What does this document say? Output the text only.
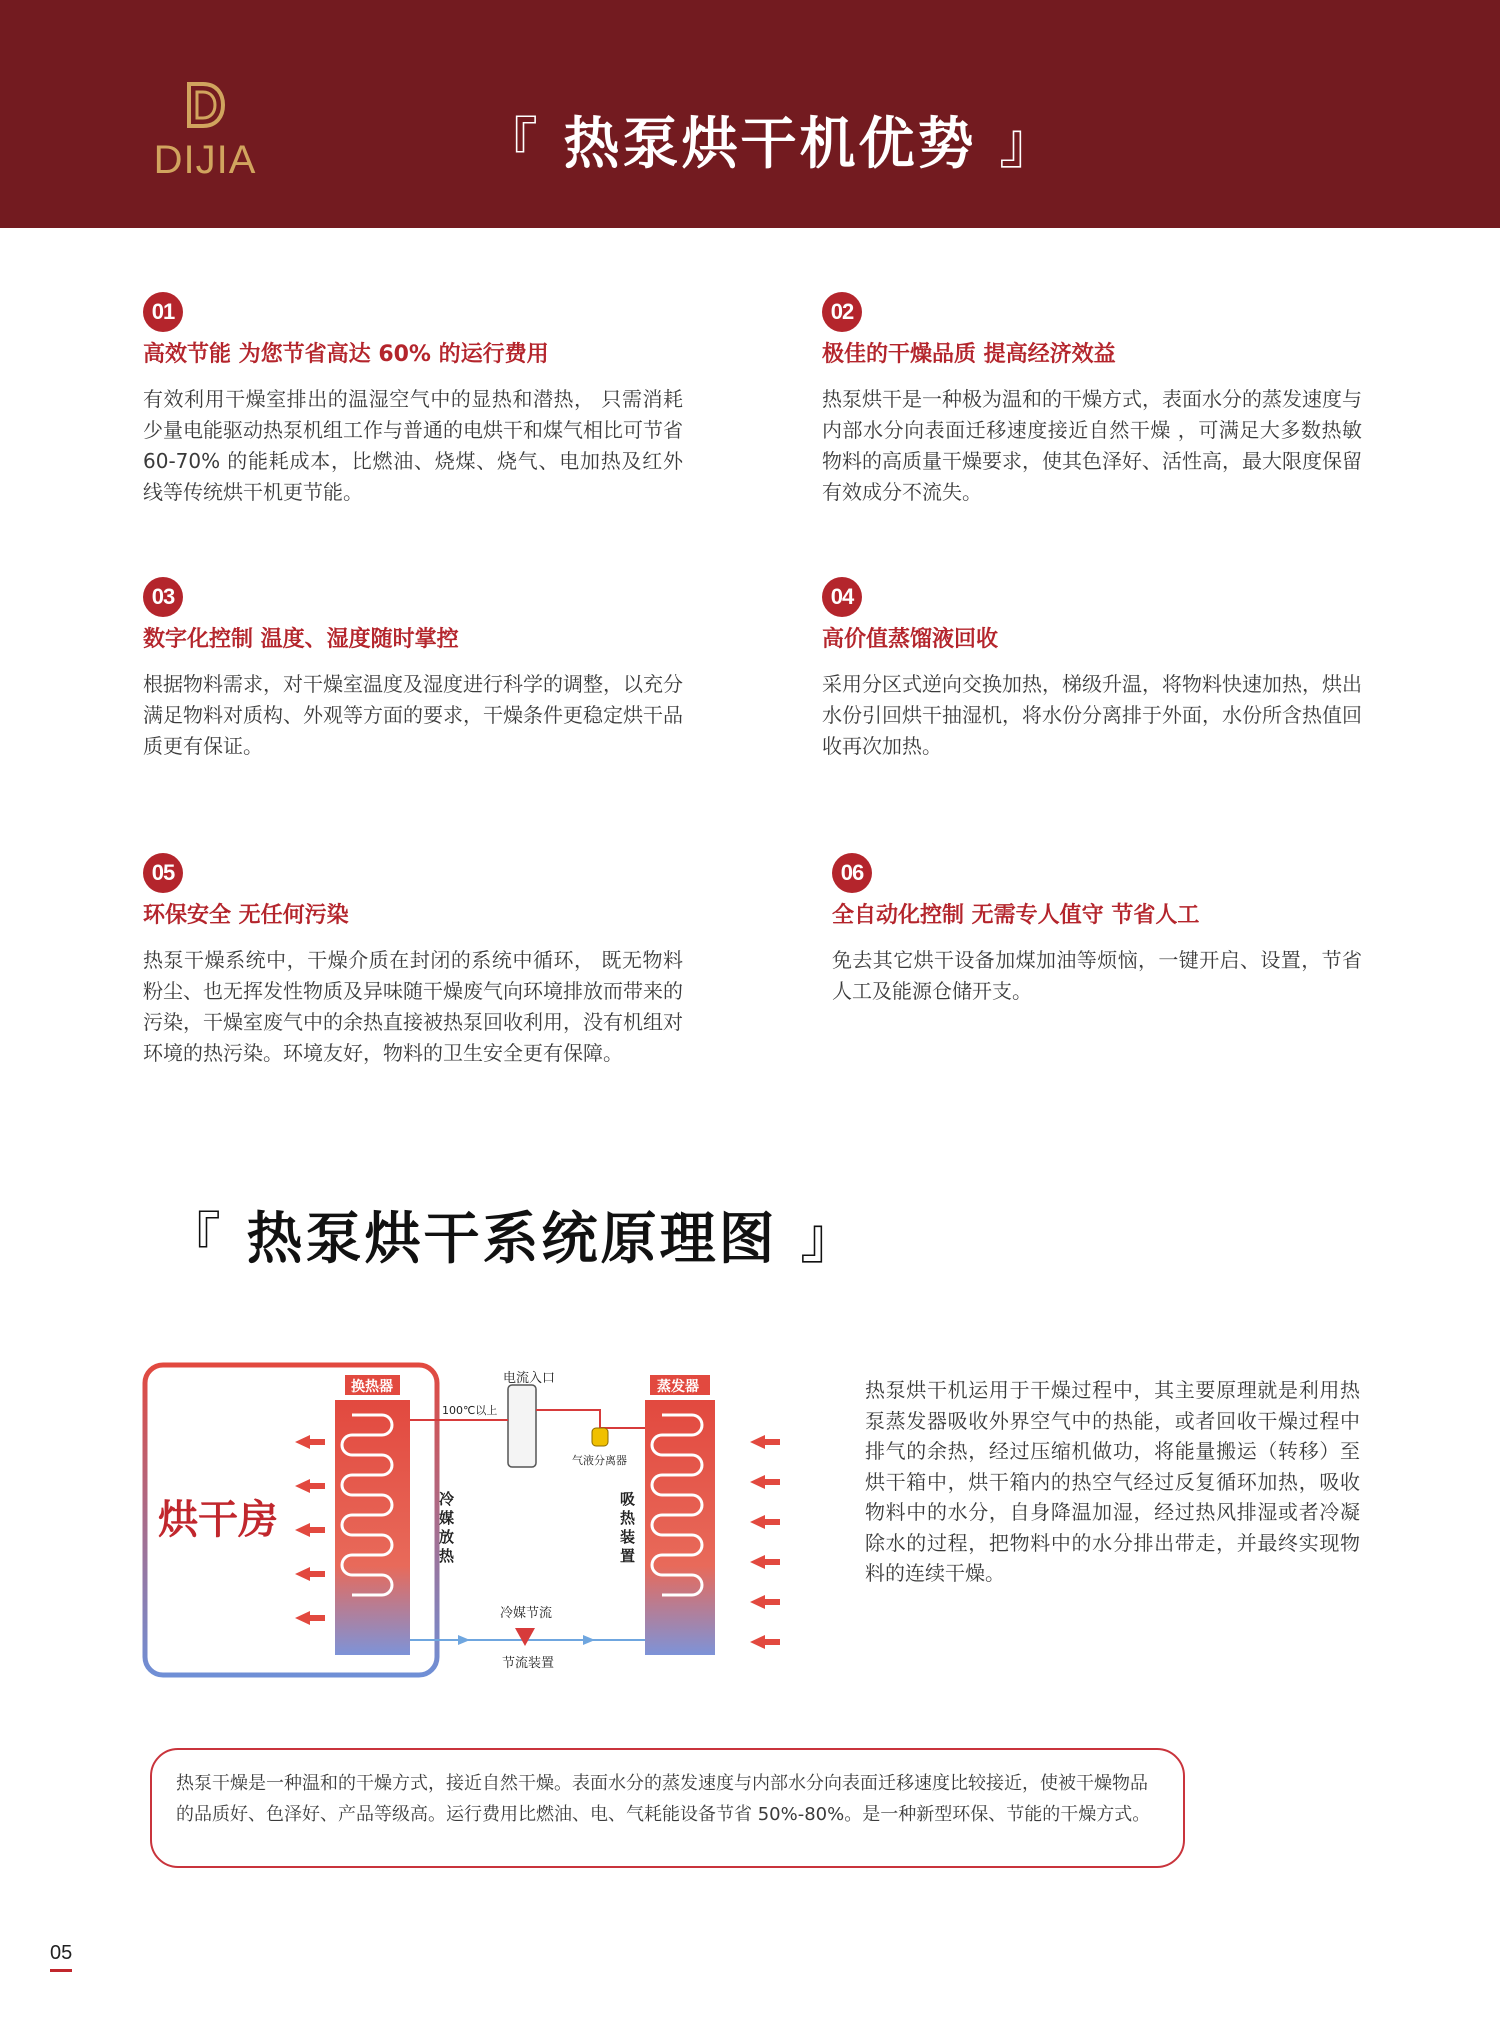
DIJIA	『 热泵烘干机优势 』
01
高效节能 为您节省高达 60% 的运行费用
有效利用干燥室排出的温湿空气中的显热和潜热， 只需消耗少量电能驱动热泵机组工作与普通的电烘干和煤气相比可节省 60-70% 的能耗成本，比燃油、烧煤、烧气、电加热及红外线等传统烘干机更节能。
02
极佳的干燥品质 提高经济效益
热泵烘干是一种极为温和的干燥方式，表面水分的蒸发速度与内部水分向表面迁移速度接近自然干燥 ，可满足大多数热敏物料的高质量干燥要求，使其色泽好、活性高，最大限度保留有效成分不流失。
03
数字化控制 温度、湿度随时掌控
根据物料需求，对干燥室温度及湿度进行科学的调整，以充分满足物料对质构、外观等方面的要求，干燥条件更稳定烘干品质更有保证。
04
高价值蒸馏液回收
采用分区式逆向交换加热，梯级升温，将物料快速加热，烘出水份引回烘干抽湿机，将水份分离排于外面，水份所含热值回收再次加热。
05
环保安全 无任何污染
热泵干燥系统中，干燥介质在封闭的系统中循环， 既无物料粉尘、也无挥发性物质及异味随干燥废气向环境排放而带来的污染，干燥室废气中的余热直接被热泵回收利用，没有机组对环境的热污染。环境友好，物料的卫生安全更有保障。
06
全自动化控制 无需专人值守 节省人工
免去其它烘干设备加煤加油等烦恼，一键开启、设置，节省人工及能源仓储开支。
『 热泵烘干系统原理图 』
换热器	蒸发器
电流入口
100℃以上
气液分离器
冷媒放热
吸热装置
冷媒节流
节流装置
烘干房
热泵烘干机运用于干燥过程中，其主要原理就是利用热泵蒸发器吸收外界空气中的热能，或者回收干燥过程中排气的余热，经过压缩机做功，将能量搬运（转移）至烘干箱中，烘干箱内的热空气经过反复循环加热，吸收物料中的水分，自身降温加湿，经过热风排湿或者冷凝除水的过程，把物料中的水分排出带走，并最终实现物料的连续干燥。
热泵干燥是一种温和的干燥方式，接近自然干燥。表面水分的蒸发速度与内部水分向表面迁移速度比较接近，使被干燥物品的品质好、色泽好、产品等级高。运行费用比燃油、电、气耗能设备节省 50%-80%。是一种新型环保、节能的干燥方式。
05
